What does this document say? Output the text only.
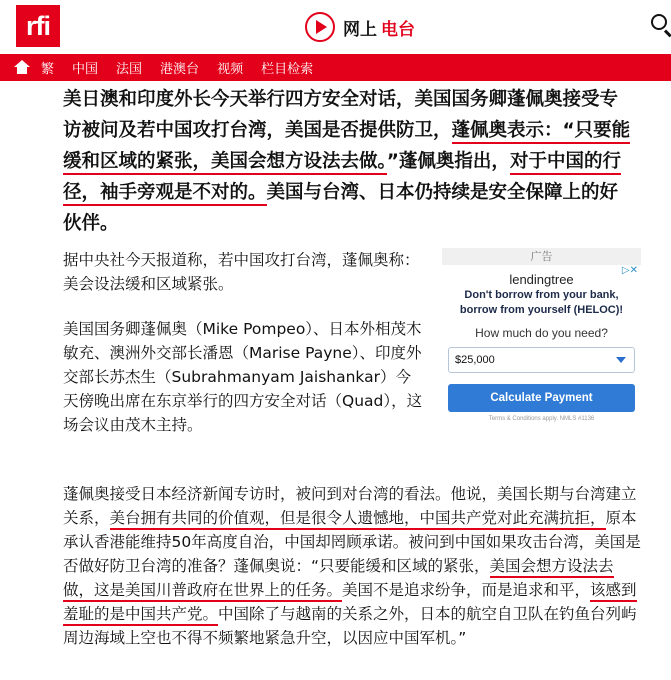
rfi	网上 电台
繁 中国 法国 港澳台 视频 栏目检索
美日澳和印度外长今天举行四方安全对话，美国国务卿蓬佩奥接受专访被问及若中国攻打台湾，美国是否提供防卫，蓬佩奥表示：“只要能缓和区域的紧张，美国会想方设法去做。”蓬佩奥指出，对于中国的行径，袖手旁观是不对的。美国与台湾、日本仍持续是安全保障上的好伙伴。
据中央社今天报道称，若中国攻打台湾，蓬佩奥称：美会设法缓和区域紧张。
美国国务卿蓬佩奥（Mike Pompeo）、日本外相茂木敏充、澳洲外交部长潘恩（Marise Payne）、印度外交部长苏杰生（Subrahmanyam Jaishankar）今天傍晚出席在东京举行的四方安全对话（Quad），这场会议由茂木主持。
广告
▷✕
lendingtree
Don't borrow from your bank, borrow from yourself (HELOC)!
How much do you need?
$25,000
Calculate Payment
Terms & Conditions apply. NMLS #1136
蓬佩奥接受日本经济新闻专访时，被问到对台湾的看法。他说，美国长期与台湾建立关系，美台拥有共同的价值观，但是很令人遗憾地，中国共产党对此充满抗拒，原本承认香港能维持50年高度自治，中国却罔顾承诺。被问到中国如果攻击台湾，美国是否做好防卫台湾的准备？蓬佩奥说：“只要能缓和区域的紧张，美国会想方设法去做，这是美国川普政府在世界上的任务。美国不是追求纷争，而是追求和平，该感到羞耻的是中国共产党。中国除了与越南的关系之外，日本的航空自卫队在钓鱼台列屿周边海域上空也不得不频繁地紧急升空，以因应中国军机。”
